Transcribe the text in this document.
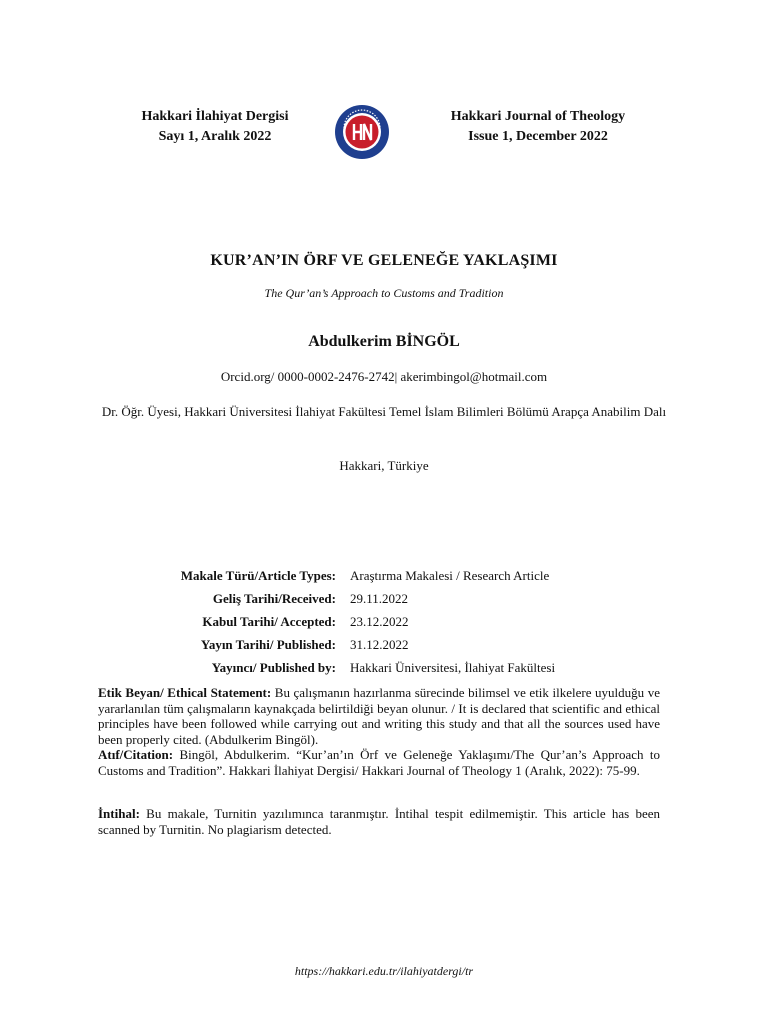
Hakkari İlahiyat Dergisi
Sayı 1, Aralık 2022
Hakkari Journal of Theology
Issue 1, December 2022
KUR’AN’IN ÖRF VE GELENEĞE YAKLAŞIMI
The Qur’an’s Approach to Customs and Tradition
Abdulkerim BİNGÖL
Orcid.org/ 0000-0002-2476-2742| akerimbingol@hotmail.com
Dr. Öğr. Üyesi, Hakkari Üniversitesi İlahiyat Fakültesi Temel İslam Bilimleri Bölümü Arapça Anabilim Dalı
Hakkari, Türkiye
Makale Türü/Article Types:	Araştırma Makalesi / Research Article
Geliş Tarihi/Received:	29.11.2022
Kabul Tarihi/ Accepted:	23.12.2022
Yayın Tarihi/ Published:	31.12.2022
Yayıncı/ Published by:	Hakkari Üniversitesi, İlahiyat Fakültesi
Etik Beyan/ Ethical Statement: Bu çalışmanın hazırlanma sürecinde bilimsel ve etik ilkelere uyulduğu ve yararlanılan tüm çalışmaların kaynakçada belirtildiği beyan olunur. / It is declared that scientific and ethical principles have been followed while carrying out and writing this study and that all the sources used have been properly cited. (Abdulkerim Bingöl).
Atıf/Citation: Bingöl, Abdulkerim. “Kur’an’ın Örf ve Geleneğe Yaklaşımı/The Qur’an’s Approach to Customs and Tradition”. Hakkari İlahiyat Dergisi/ Hakkari Journal of Theology 1 (Aralık, 2022): 75-99.
İntihal: Bu makale, Turnitin yazılımınca taranmıştır. İntihal tespit edilmemiştir. This article has been scanned by Turnitin. No plagiarism detected.
https://hakkari.edu.tr/ilahiyatdergi/tr
